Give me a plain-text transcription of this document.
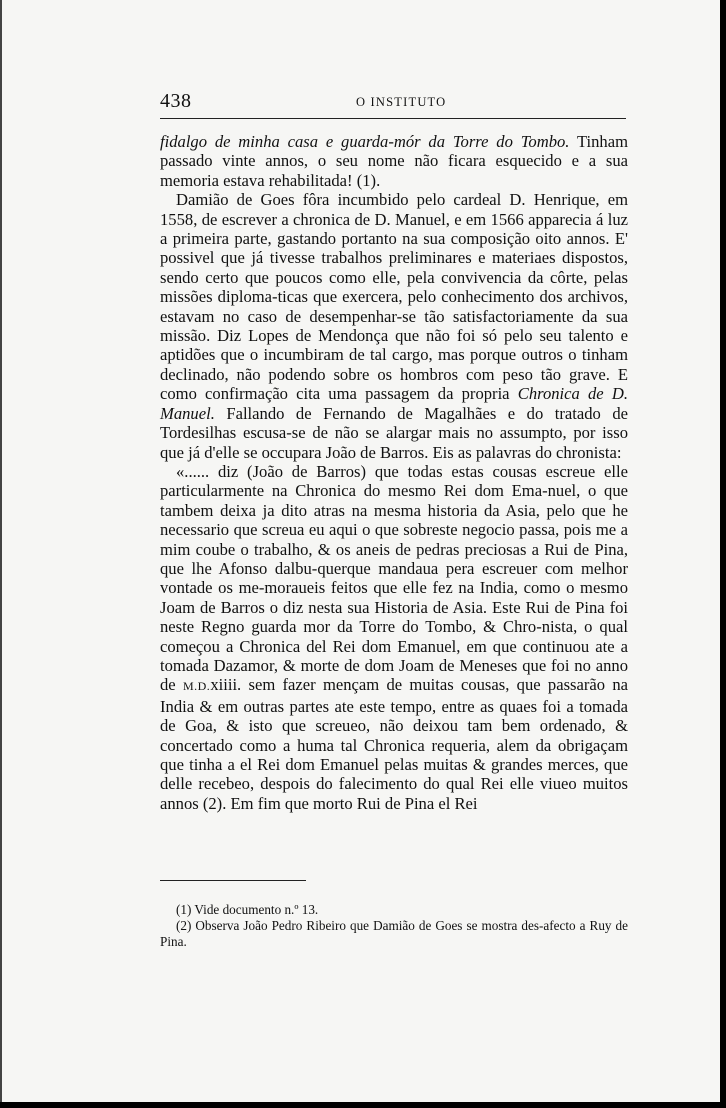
438	O INSTITUTO

fidalgo de minha casa e guarda-mór da Torre do Tombo. Tinham passado vinte annos, o seu nome não ficara esquecido e a sua memoria estava rehabilitada! (1).

Damião de Goes fôra incumbido pelo cardeal D. Henrique, em 1558, de escrever a chronica de D. Manuel, e em 1566 apparecia á luz a primeira parte, gastando portanto na sua composição oito annos. E' possivel que já tivesse trabalhos preliminares e materiaes dispostos, sendo certo que poucos como elle, pela convivencia da côrte, pelas missões diploma-ticas que exercera, pelo conhecimento dos archivos, estavam no caso de desempenhar-se tão satisfactoriamente da sua missão. Diz Lopes de Mendonça que não foi só pelo seu talento e aptidões que o incumbiram de tal cargo, mas porque outros o tinham declinado, não podendo sobre os hombros com peso tão grave. E como confirmação cita uma passagem da propria Chronica de D. Manuel. Fallando de Fernando de Magalhães e do tratado de Tordesilhas escusa-se de não se alargar mais no assumpto, por isso que já d'elle se occupara João de Barros. Eis as palavras do chronista:

«...... diz (João de Barros) que todas estas cousas escreue elle particularmente na Chronica do mesmo Rei dom Ema-nuel, o que tambem deixa ja dito atras na mesma historia da Asia, pelo que he necessario que screua eu aqui o que sobreste negocio passa, pois me a mim coube o trabalho, & os aneis de pedras preciosas a Rui de Pina, que lhe Afonso dalbu-querque mandaua pera escreuer com melhor vontade os me-moraueis feitos que elle fez na India, como o mesmo Joam de Barros o diz nesta sua Historia de Asia. Este Rui de Pina foi neste Regno guarda mor da Torre do Tombo, & Chro-nista, o qual começou a Chronica del Rei dom Emanuel, em que continuou ate a tomada Dazamor, & morte de dom Joam de Meneses que foi no anno de M.D.xiiii. sem fazer mençam de muitas cousas, que passarão na India & em outras partes ate este tempo, entre as quaes foi a tomada de Goa, & isto que screueo, não deixou tam bem ordenado, & concertado como a huma tal Chronica requeria, alem da obrigaçam que tinha a el Rei dom Emanuel pelas muitas & grandes merces, que delle recebeo, despois do falecimento do qual Rei elle viueo muitos annos (2). Em fim que morto Rui de Pina el Rei

(1) Vide documento n.º 13.

(2) Observa João Pedro Ribeiro que Damião de Goes se mostra des-afecto a Ruy de Pina.
